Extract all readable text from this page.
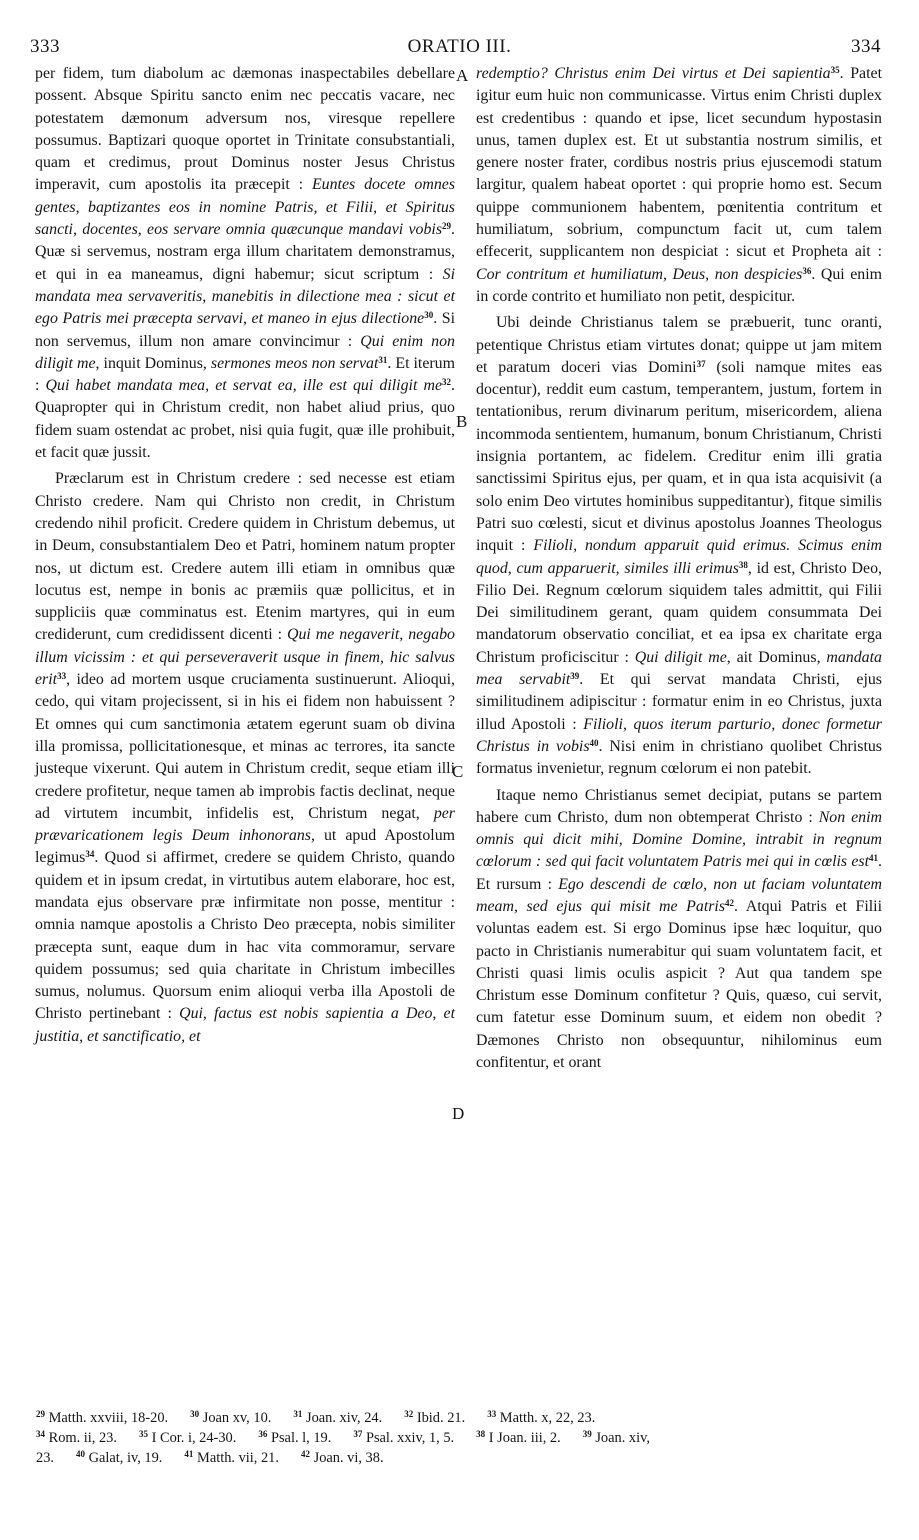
333	ORATIO III.	334
A
B
C
D

per fidem, tum diabolum ac dæmonas inaspectabiles debellare possent. Absque Spiritu sancto enim nec peccatis vacare, nec potestatem dæmonum adversum nos, viresque repellere possumus. Baptizari quoque oportet in Trinitate consubstantiali, quam et credimus, prout Dominus noster Jesus Christus imperavit, cum apostolis ita præcepit : Euntes docete omnes gentes, baptizantes eos in nomine Patris, et Filii, et Spiritus sancti, docentes, eos servare omnia quæcunque mandavi vobis$^{29}$. Quæ si servemus, nostram erga illum charitatem demonstramus, et qui in ea maneamus, digni habemur; sicut scriptum : Si mandata mea servaveritis, manebitis in dilectione mea : sicut et ego Patris mei præcepta servavi, et maneo in ejus dilectione$^{30}$. Si non servemus, illum non amare convincimur : Qui enim non diligit me, inquit Dominus, sermones meos non servat$^{31}$. Et iterum : Qui habet mandata mea, et servat ea, ille est qui diligit $me^{32}$. Quapropter qui in Christum credit, non habet aliud prius, quo fidem suam ostendat ac probet, nisi quia fugit, quæ ille prohibuit, et facit quæ jussit.

Præclarum est in Christum credere : sed necesse est etiam Christo credere. Nam qui Christo non credit, in Christum credendo nihil proficit. Credere quidem in Christum debemus, ut in Deum, consubstantialem Deo et Patri, hominem natum propter nos, ut dictum est. Credere autem illi etiam in omnibus quæ locutus est, nempe in bonis ac præmiis quæ pollicitus, et in suppliciis quæ comminatus est. Etenim martyres, qui in eum crediderunt, cum credidissent dicenti : Qui me negaverit, negabo illum vicissim : et qui perseveraverit usque in finem, hic salvus erit$^{33}$, ideo ad mortem usque cruciamenta sustinuerunt. Alioqui, cedo, qui vitam projecissent, si in his ei fidem non habuissent ? Et omnes qui cum sanctimonia ætatem egerunt suam ob divina illa promissa, pollicitationesque, et minas ac terrores, ita sancte justeque vixerunt. Qui autem in Christum credit, seque etiam illi credere profitetur, neque tamen ab improbis factis declinat, neque ad virtutem incumbit, infidelis est, Christum negat, per prævaricationem legis Deum inhonorans, ut apud Apostolum legimus$^{34}$. Quod si affirmet, credere se quidem Christo, quando quidem et in ipsum credat, in virtutibus autem elaborare, hoc est, mandata ejus observare præ infirmitate non posse, mentitur : omnia namque apostolis a Christo Deo præcepta, nobis similiter præcepta sunt, eaque dum in hac vita commoramur, servare quidem possumus; sed quia charitate in Christum imbecilles sumus, nolumus. Quorsum enim alioqui verba illa Apostoli de Christo pertinebant : Qui, factus est nobis sapientia a Deo, et justitia, et sanctificatio, et

redemptio? Christus enim Dei virtus et Dei sapientia$^{35}$. Patet igitur eum huic non communicasse. Virtus enim Christi duplex est credentibus : quando et ipse, licet secundum hypostasin unus, tamen duplex est. Et ut substantia nostrum similis, et genere noster frater, cordibus nostris prius ejuscemodi statum largitur, qualem habeat oportet : qui proprie homo est. Secum quippe communionem habentem, pœnitentia contritum et humiliatum, sobrium, compunctum facit ut, cum talem effecerit, supplicantem non despiciat : sicut et Propheta ait : Cor contritum et humiliatum, Deus, non despicies$^{36}$. Qui enim in corde contrito et humiliato non petit, despicitur.

Ubi deinde Christianus talem se præbuerit, tunc oranti, petentique Christus etiam virtutes donat; quippe ut jam mitem et paratum doceri vias Domini$^{37}$ (soli namque mites eas docentur), reddit eum castum, temperantem, justum, fortem in tentationibus, rerum divinarum peritum, misericordem, aliena incommoda sentientem, humanum, bonum Christianum, Christi insignia portantem, ac fidelem. Creditur enim illi gratia sanctissimi Spiritus ejus, per quam, et in qua ista acquisivit (a solo enim Deo virtutes hominibus suppeditantur), fitque similis Patri suo cœlesti, sicut et divinus apostolus Joannes Theologus inquit : Filioli, nondum apparuit quid erimus. Scimus enim quod, cum apparuerit, similes illi erimus$^{38}$, id est, Christo Deo, Filio Dei. Regnum cœlorum siquidem tales admittit, qui Filii Dei similitudinem gerant, quam quidem consummata Dei mandatorum observatio conciliat, et ea ipsa ex charitate erga Christum proficiscitur : Qui diligit me, ait Dominus, mandata mea servabit$^{39}$. Et qui servat mandata Christi, ejus similitudinem adipiscitur : formatur enim in eo Christus, juxta illud Apostoli : Filioli, quos iterum parturio, donec formetur Christus in vobis$^{40}$. Nisi enim in christiano quolibet Christus formatus invenietur, regnum cœlorum ei non patebit.

Itaque nemo Christianus semet decipiat, putans se partem habere cum Christo, dum non obtemperat Christo : Non enim omnis qui dicit mihi, Domine Domine, intrabit in regnum cœlorum : sed qui facit voluntatem Patris mei qui in cœlis est$^{41}$. Et rursum : Ego descendi de cœlo, non ut faciam voluntatem meam, sed ejus qui misit me Patris$^{42}$. Atqui Patris et Filii voluntas eadem est. Si ergo Dominus ipse hæc loquitur, quo pacto in Christianis numerabitur qui suam voluntatem facit, et Christi quasi limis oculis aspicit ? Aut qua tandem spe Christum esse Dominum confitetur ? Quis, quæso, cui servit, cum fatetur esse Dominum suum, et eidem non obedit ? Dæmones Christo non obsequuntur, nihilominus eum confitentur, et orant

$^{29}$ Matth. xxviii, 18-20. $^{30}$ Joan xv, 10. $^{31}$ Joan. xiv, 24. $^{32}$ Ibid. 21. $^{33}$ Matth. x, 22, 23.
$^{34}$ Rom. ii, 23. $^{35}$ I Cor. i, 24-30. $^{36}$ Psal. l, 19. $^{37}$ Psal. xxiv, 1, 5. $^{38}$ I Joan. iii, 2. $^{39}$ Joan. xiv,
23. $^{40}$ Galat, iv, 19. $^{41}$ Matth. vii, 21. $^{42}$ Joan. vi, 38.
